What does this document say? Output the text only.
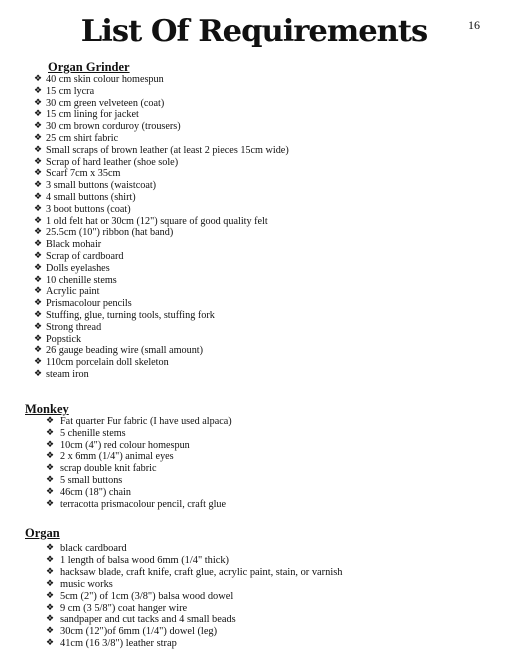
List Of Requirements	16

Organ Grinder

❖ 40 cm skin colour homespun
❖ 15 cm lycra
❖ 30 cm green velveteen (coat)
❖ 15 cm lining for jacket
❖ 30 cm brown corduroy (trousers)
❖ 25 cm shirt fabric
❖ Small scraps of brown leather (at least 2 pieces 15cm wide)
❖ Scrap of hard leather (shoe sole)
❖ Scarf 7cm x 35cm
❖ 3 small buttons (waistcoat)
❖ 4 small buttons (shirt)
❖ 3 boot buttons (coat)
❖ 1 old felt hat or 30cm (12") square of good quality felt
❖ 25.5cm (10") ribbon (hat band)
❖ Black mohair
❖ Scrap of cardboard
❖ Dolls eyelashes
❖ 10 chenille stems
❖ Acrylic paint
❖ Prismacolour pencils
❖ Stuffing, glue, turning tools, stuffing fork
❖ Strong thread
❖ Popstick
❖ 26 gauge beading wire (small amount)
❖ 110cm porcelain doll skeleton
❖ steam iron

Monkey

❖ Fat quarter Fur fabric (I have used alpaca)
❖ 5 chenille stems
❖ 10cm (4") red colour homespun
❖ 2 x 6mm (1/4") animal eyes
❖ scrap double knit fabric
❖ 5 small buttons
❖ 46cm (18") chain
❖ terracotta prismacolour pencil, craft glue

Organ

❖ black cardboard
❖ 1 length of balsa wood 6mm (1/4" thick)
❖ hacksaw blade, craft knife, craft glue, acrylic paint, stain, or varnish
❖ music works
❖ 5cm (2") of 1cm (3/8") balsa wood dowel
❖ 9 cm (3 5/8") coat hanger wire
❖ sandpaper and cut tacks and 4 small beads
❖ 30cm (12")of 6mm (1/4") dowel (leg)
❖ 41cm (16 3/8") leather strap
